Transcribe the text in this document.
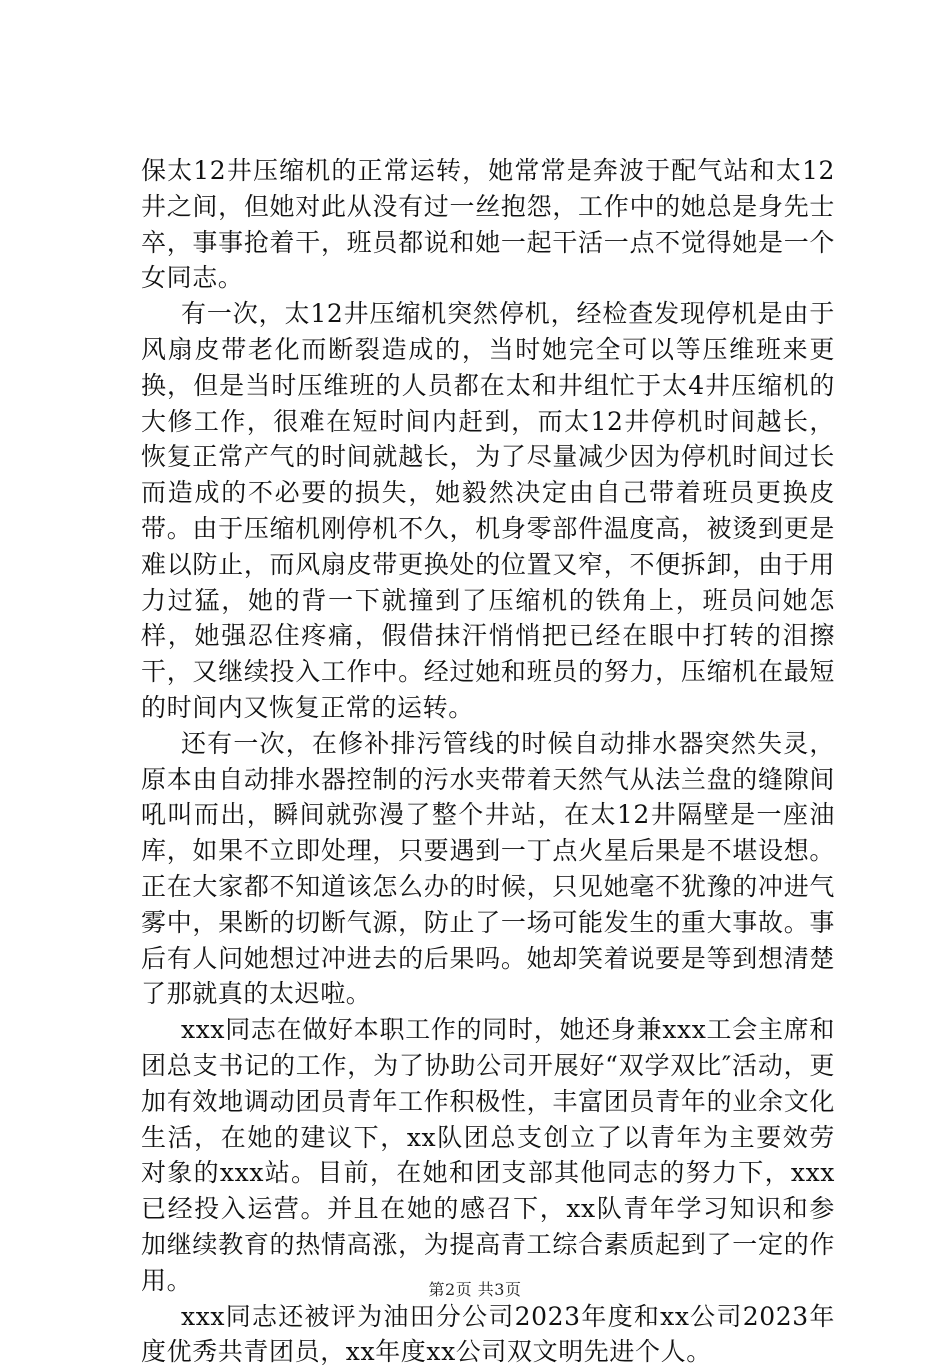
保太12井压缩机的正常运转，她常常是奔波于配气站和太12井之间，但她对此从没有过一丝抱怨，工作中的她总是身先士卒，事事抢着干，班员都说和她一起干活一点不觉得她是一个女同志。

有一次，太12井压缩机突然停机，经检查发现停机是由于风扇皮带老化而断裂造成的，当时她完全可以等压维班来更换，但是当时压维班的人员都在太和井组忙于太4井压缩机的大修工作，很难在短时间内赶到，而太12井停机时间越长，恢复正常产气的时间就越长，为了尽量减少因为停机时间过长而造成的不必要的损失，她毅然决定由自己带着班员更换皮带。由于压缩机刚停机不久，机身零部件温度高，被烫到更是难以防止，而风扇皮带更换处的位置又窄，不便拆卸，由于用力过猛，她的背一下就撞到了压缩机的铁角上，班员问她怎样，她强忍住疼痛，假借抹汗悄悄把已经在眼中打转的泪擦干，又继续投入工作中。经过她和班员的努力，压缩机在最短的时间内又恢复正常的运转。

还有一次，在修补排污管线的时候自动排水器突然失灵，原本由自动排水器控制的污水夹带着天然气从法兰盘的缝隙间吼叫而出，瞬间就弥漫了整个井站，在太12井隔壁是一座油库，如果不立即处理，只要遇到一丁点火星后果是不堪设想。正在大家都不知道该怎么办的时候，只见她毫不犹豫的冲进气雾中，果断的切断气源，防止了一场可能发生的重大事故。事后有人问她想过冲进去的后果吗。她却笑着说要是等到想清楚了那就真的太迟啦。

xxx同志在做好本职工作的同时，她还身兼xxx工会主席和团总支书记的工作，为了协助公司开展好“双学双比″活动，更加有效地调动团员青年工作积极性，丰富团员青年的业余文化生活，在她的建议下，xx队团总支创立了以青年为主要效劳对象的xxx站。目前，在她和团支部其他同志的努力下，xxx已经投入运营。并且在她的感召下，xx队青年学习知识和参加继续教育的热情高涨，为提高青工综合素质起到了一定的作用。

xxx同志还被评为油田分公司2023年度和xx公司2023年度优秀共青团员，xx年度xx公司双文明先进个人。

第2页 共3页
